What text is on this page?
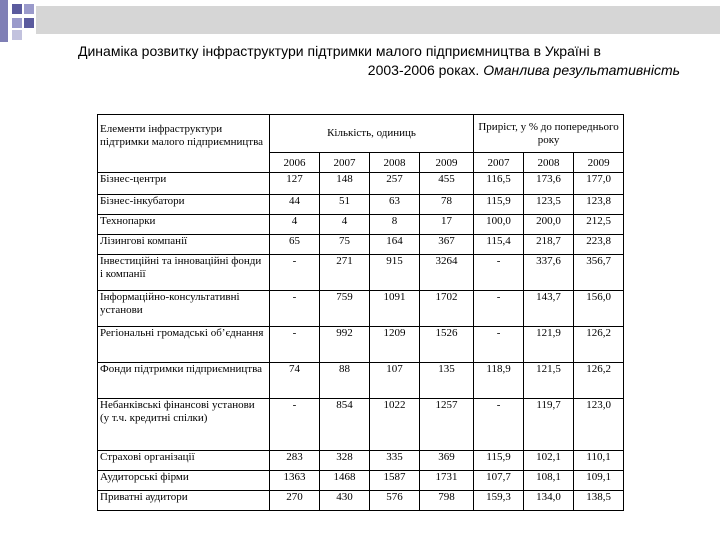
Динаміка розвитку інфраструктури підтримки малого підприємництва в Україні в
2003-2006 роках. Оманлива результативність
Елементи інфраструктури підтримки малого підприємництва	Кількість, одиниць				Приріст, у % до попереднього року		
	2006	2007	2008	2009	2007	2008	2009
Бізнес-центри	127	148	257	455	116,5	173,6	177,0
Бізнес-інкубатори	44	51	63	78	115,9	123,5	123,8
Технопарки	4	4	8	17	100,0	200,0	212,5
Лізингові компанії	65	75	164	367	115,4	218,7	223,8
Інвестиційні та інноваційні фонди і компанії	-	271	915	3264	-	337,6	356,7
Інформаційно-консультативні установи	-	759	1091	1702	-	143,7	156,0
Регіональні громадські об’єднання	-	992	1209	1526	-	121,9	126,2
Фонди підтримки підприємництва	74	88	107	135	118,9	121,5	126,2
Небанківські фінансові установи (у т.ч. кредитні спілки)	-	854	1022	1257	-	119,7	123,0
Страхові організації	283	328	335	369	115,9	102,1	110,1
Аудиторські фірми	1363	1468	1587	1731	107,7	108,1	109,1
Приватні аудитори	270	430	576	798	159,3	134,0	138,5
